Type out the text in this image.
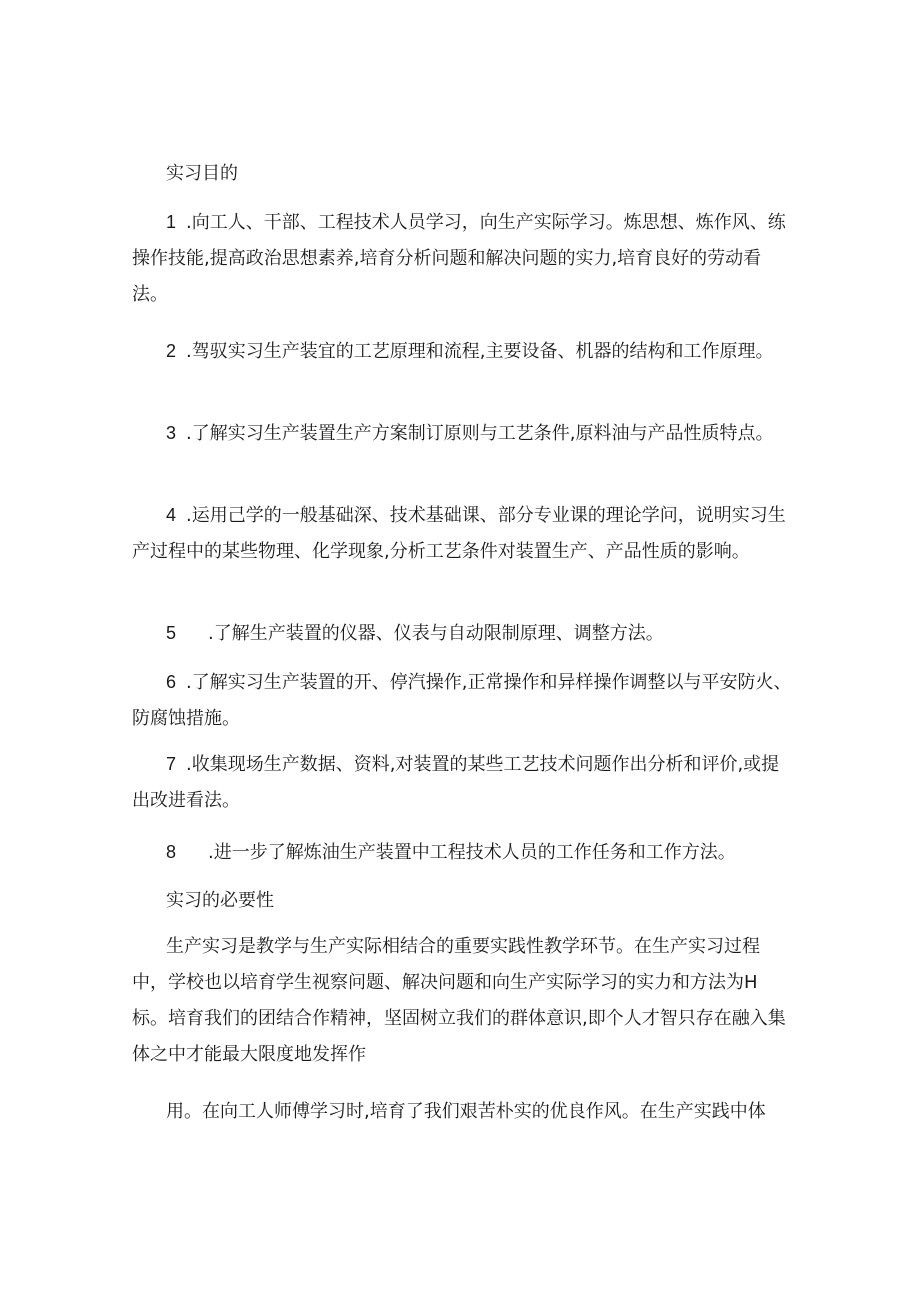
实习目的
1 .向工人、干部、工程技术人员学习，向生产实际学习。炼思想、炼作风、练操作技能,提高政治思想素养,培育分析问题和解决问题的实力,培育良好的劳动看法。
2 .驾驭实习生产装宜的工艺原理和流程,主要设备、机器的结构和工作原理。
3 .了解实习生产装置生产方案制订原则与工艺条件,原料油与产品性质特点。
4 .运用己学的一般基础深、技术基础课、部分专业课的理论学问，说明实习生产过程中的某些物理、化学现象,分析工艺条件对装置生产、产品性质的影响。
5 .了解生产装置的仪器、仪表与自动限制原理、调整方法。
6 .了解实习生产装置的开、停汽操作,正常操作和异样操作调整以与平安防火、防腐蚀措施。
7 .收集现场生产数据、资料,对装置的某些工艺技术问题作出分析和评价,或提出改进看法。
8 .进一步了解炼油生产装置中工程技术人员的工作任务和工作方法。
实习的必要性
生产实习是教学与生产实际相结合的重要实践性教学环节。在生产实习过程中，学校也以培育学生视察问题、解决问题和向生产实际学习的实力和方法为H标。培育我们的团结合作精神，坚固树立我们的群体意识,即个人才智只存在融入集体之中才能最大限度地发挥作
用。在向工人师傅学习时,培育了我们艰苦朴实的优良作风。在生产实践中体
